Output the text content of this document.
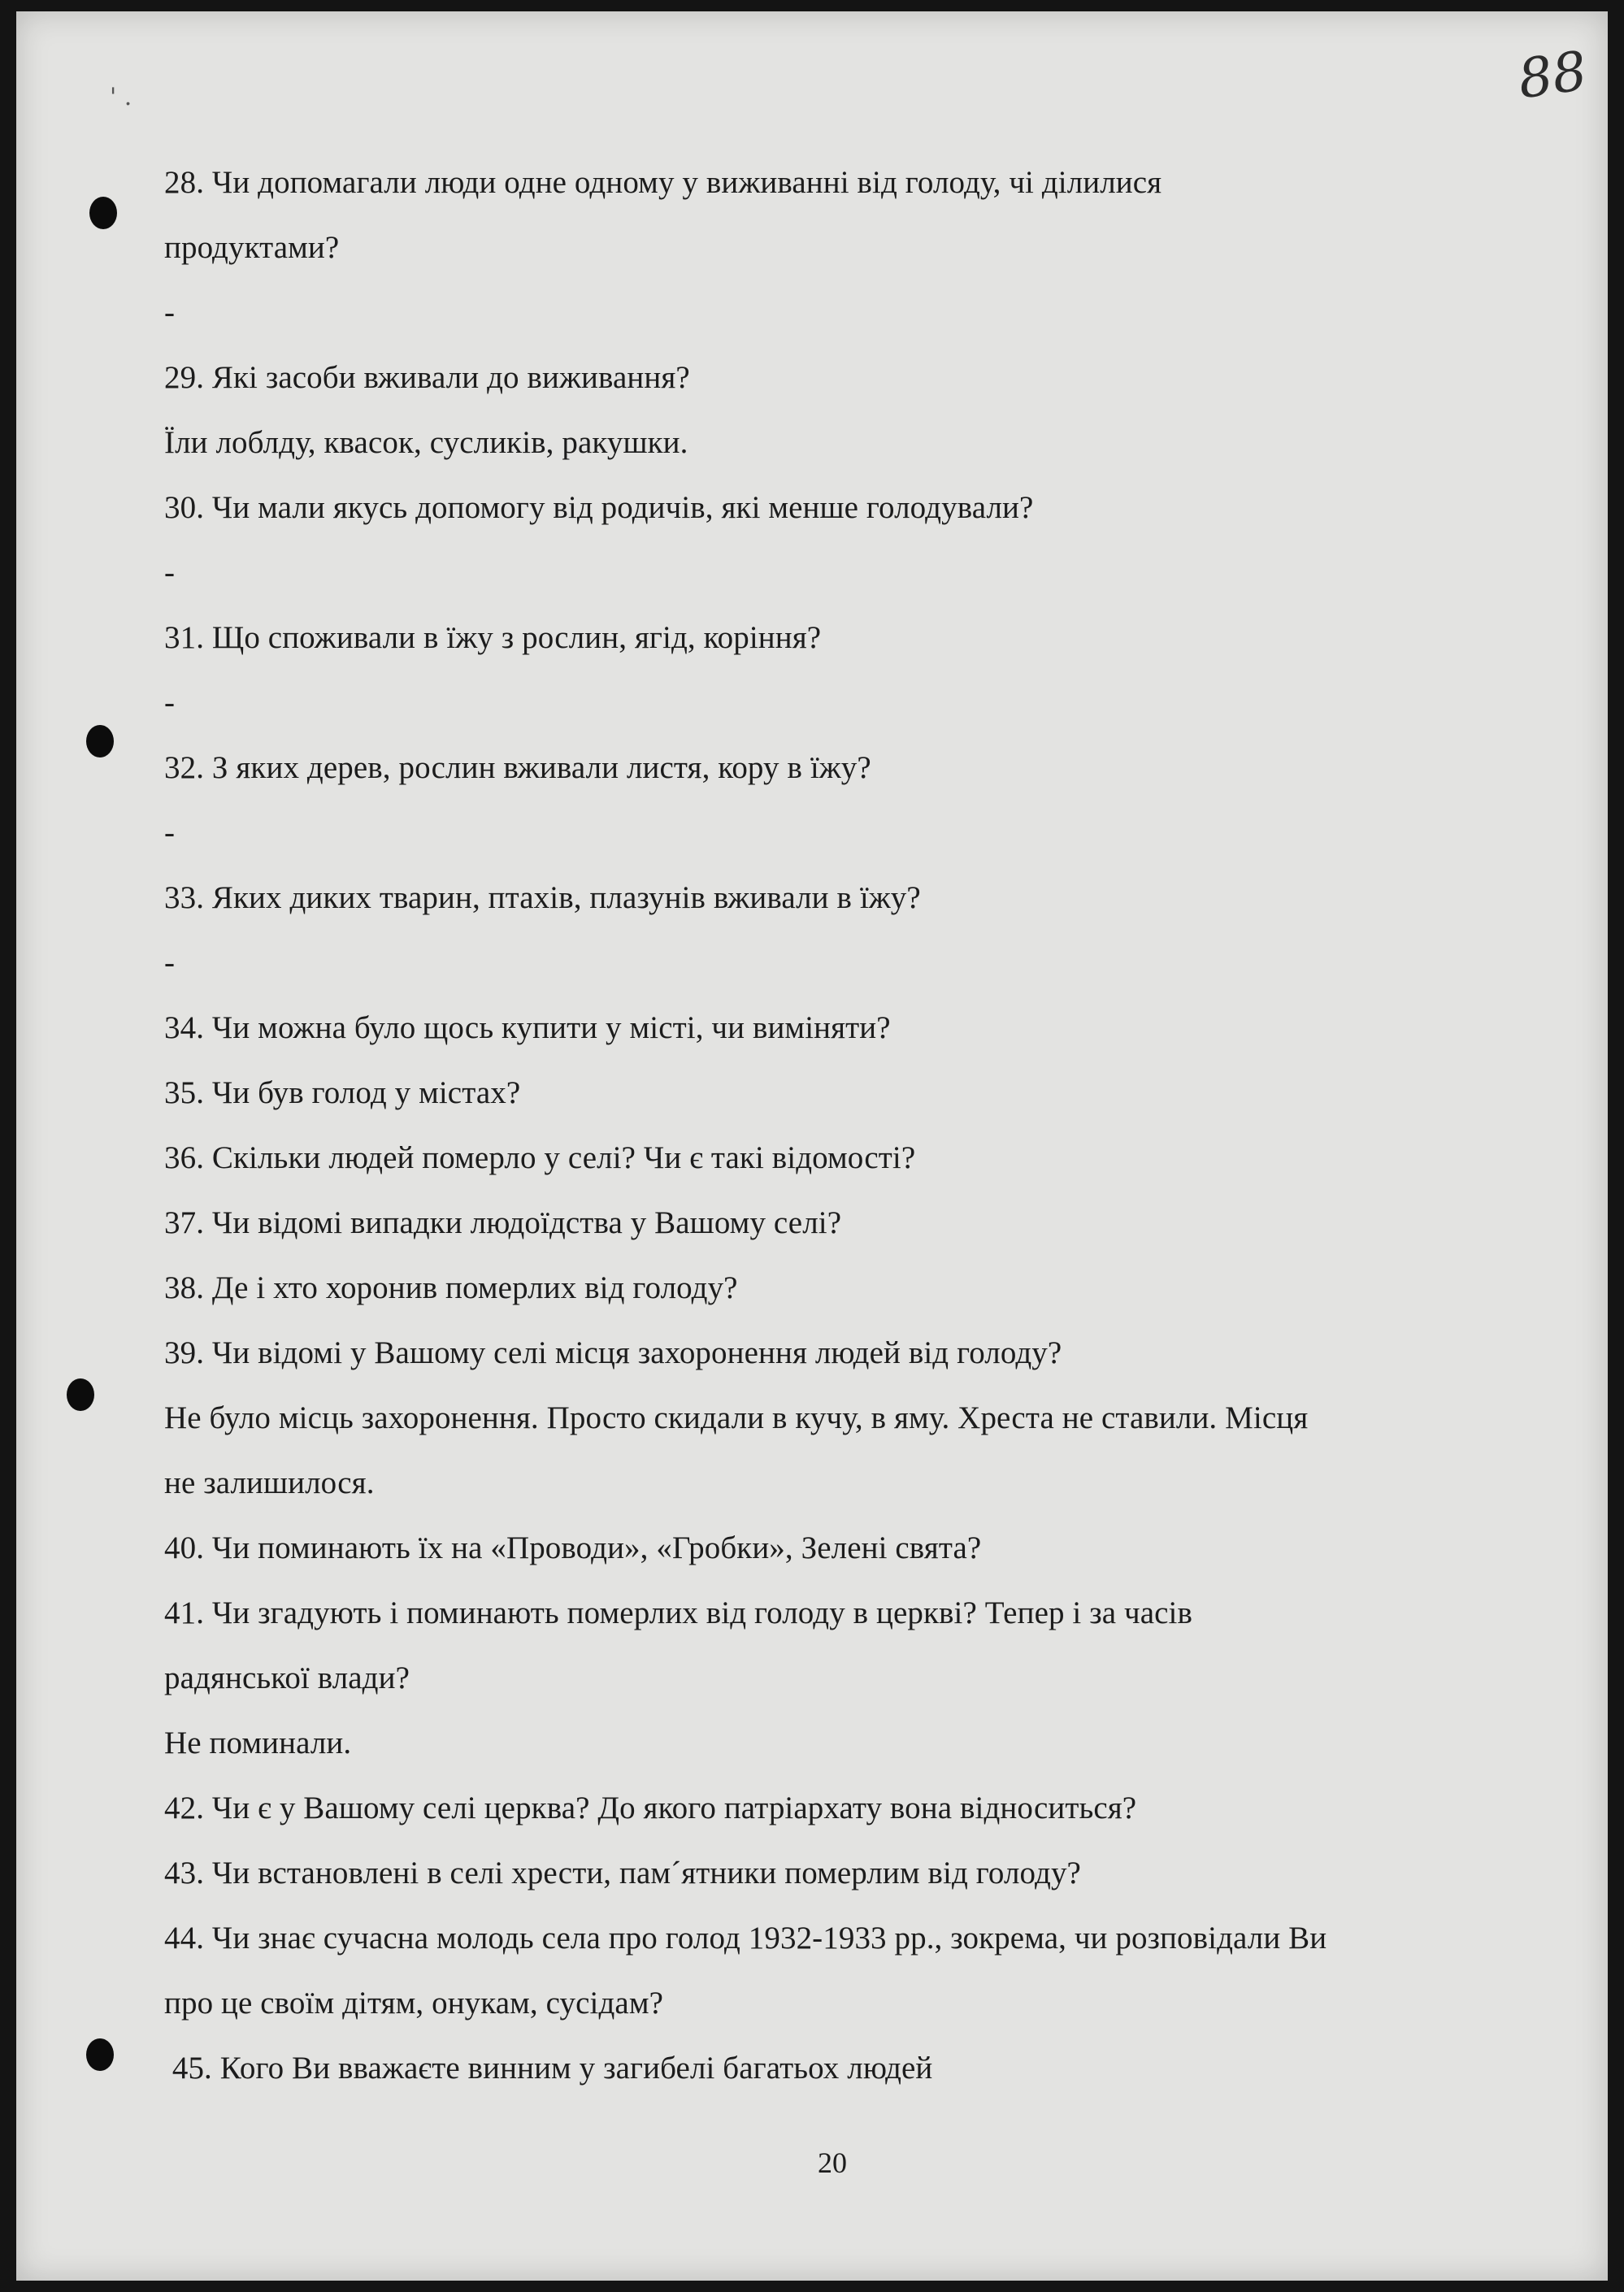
' .	88
28. Чи допомагали люди одне одному у виживанні від голоду, чі ділилися
продуктами?
-
29. Які засоби вживали до виживання?
Їли лоблду, квасок, сусликів, ракушки.
30. Чи мали якусь допомогу від родичів, які менше голодували?
-
31. Що споживали в їжу з рослин, ягід, коріння?
-
32. З яких дерев, рослин вживали листя, кору в їжу?
-
33. Яких диких тварин, птахів, плазунів вживали в їжу?
-
34. Чи можна було щось купити у місті, чи виміняти?
35. Чи був голод у містах?
36. Скільки людей померло у селі? Чи є такі відомості?
37. Чи відомі випадки людоїдства у Вашому селі?
38. Де і хто хоронив померлих від голоду?
39. Чи відомі у Вашому селі місця захоронення людей від голоду?
Не було місць захоронення. Просто скидали в кучу, в яму. Хреста не ставили. Місця
не залишилося.
40. Чи поминають їх на «Проводи», «Гробки», Зелені свята?
41. Чи згадують і поминають померлих від голоду в церкві? Тепер і за часів
радянської влади?
Не поминали.
42. Чи є у Вашому селі церква? До якого патріархату вона відноситься?
43. Чи встановлені в селі хрести, пам´ятники померлим від голоду?
44. Чи знає сучасна молодь села про голод 1932-1933 рр., зокрема, чи розповідали Ви
про це своїм дітям, онукам, сусідам?
45. Кого Ви вважаєте винним у загибелі багатьох людей
20
